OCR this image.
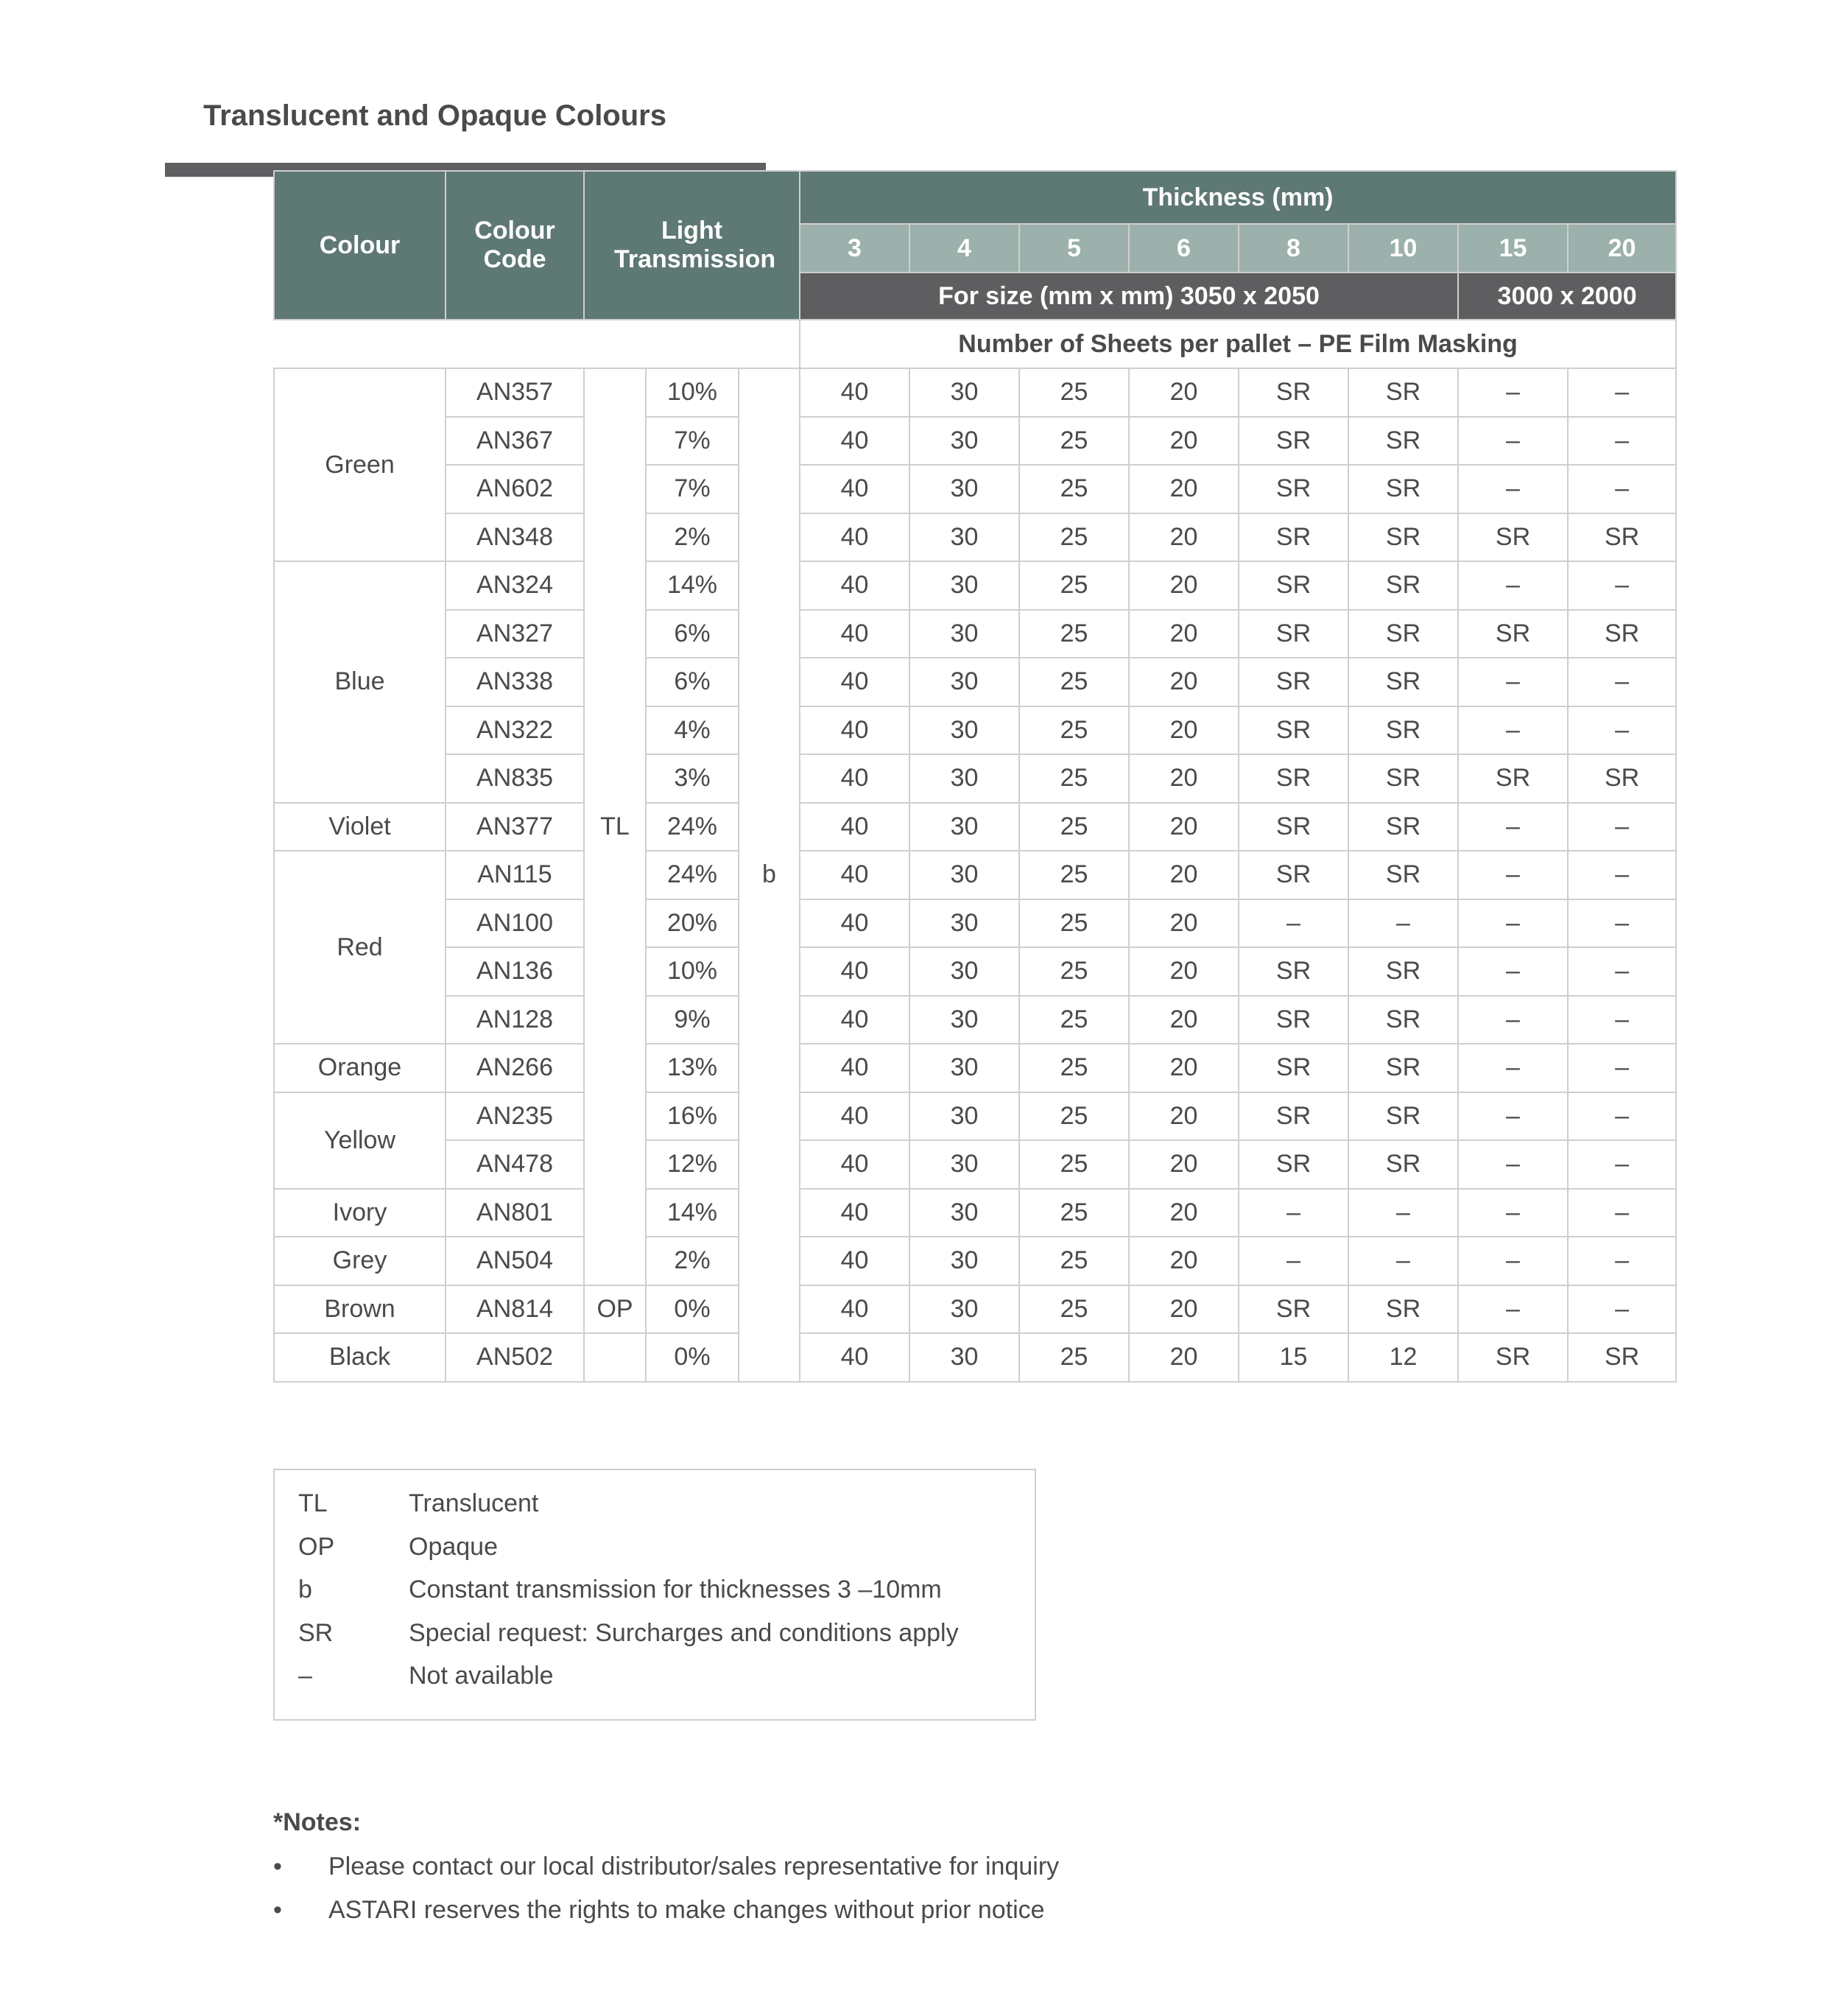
Translucent and Opaque Colours
Colour	Colour Code	Light Transmission			Thickness (mm)							
					3	4	5	6	8	10	15	20
					For size (mm x mm) 3050 x 2050						3000 x 2000	
					Number of Sheets per pallet – PE Film Masking							
Green	AN357	TL	10%	b	40	30	25	20	SR	SR	–	–
	AN367		7%		40	30	25	20	SR	SR	–	–
	AN602		7%		40	30	25	20	SR	SR	–	–
	AN348		2%		40	30	25	20	SR	SR	SR	SR
Blue	AN324		14%		40	30	25	20	SR	SR	–	–
	AN327		6%		40	30	25	20	SR	SR	SR	SR
	AN338		6%		40	30	25	20	SR	SR	–	–
	AN322		4%		40	30	25	20	SR	SR	–	–
	AN835		3%		40	30	25	20	SR	SR	SR	SR
Violet	AN377		24%		40	30	25	20	SR	SR	–	–
Red	AN115		24%		40	30	25	20	SR	SR	–	–
	AN100		20%		40	30	25	20	–	–	–	–
	AN136		10%		40	30	25	20	SR	SR	–	–
	AN128		9%		40	30	25	20	SR	SR	–	–
Orange	AN266		13%		40	30	25	20	SR	SR	–	–
Yellow	AN235		16%		40	30	25	20	SR	SR	–	–
	AN478		12%		40	30	25	20	SR	SR	–	–
Ivory	AN801		14%		40	30	25	20	–	–	–	–
Grey	AN504		2%		40	30	25	20	–	–	–	–
Brown	AN814	OP	0%		40	30	25	20	SR	SR	–	–
Black	AN502		0%		40	30	25	20	15	12	SR	SR
TL	Translucent
OP	Opaque
b	Constant transmission for thicknesses 3 –10mm
SR	Special request: Surcharges and conditions apply
–	Not available
*Notes:
• Please contact our local distributor/sales representative for inquiry
• ASTARI reserves the rights to make changes without prior notice
